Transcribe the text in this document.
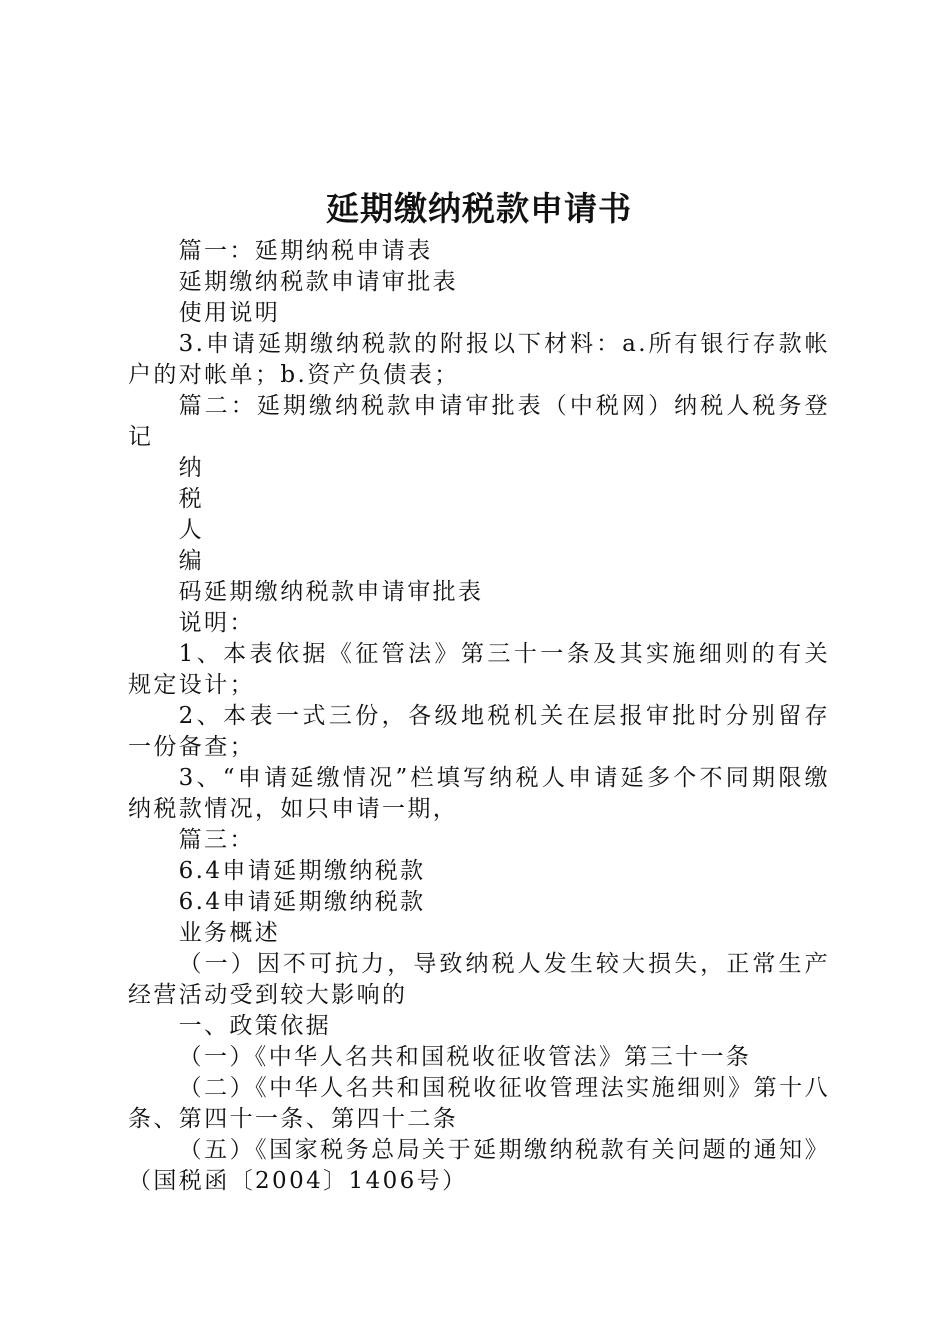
延期缴纳税款申请书

篇一：延期纳税申请表

延期缴纳税款申请审批表

使用说明

3.申请延期缴纳税款的附报以下材料：a.所有银行存款帐户的对帐单；b.资产负债表；

篇二：延期缴纳税款申请审批表（中税网）纳税人税务登记

纳

税

人

编

码延期缴纳税款申请审批表

说明：

1、本表依据《征管法》第三十一条及其实施细则的有关规定设计；

2、本表一式三份，各级地税机关在层报审批时分别留存一份备查；

3、“申请延缴情况”栏填写纳税人申请延多个不同期限缴纳税款情况，如只申请一期，

篇三：

6.4申请延期缴纳税款

6.4申请延期缴纳税款

业务概述

（一）因不可抗力，导致纳税人发生较大损失，正常生产经营活动受到较大影响的

一、政策依据

（一）《中华人名共和国税收征收管法》第三十一条

（二）《中华人名共和国税收征收管理法实施细则》第十八条、第四十一条、第四十二条

（五）《国家税务总局关于延期缴纳税款有关问题的通知》（国税函〔2004〕1406号）
